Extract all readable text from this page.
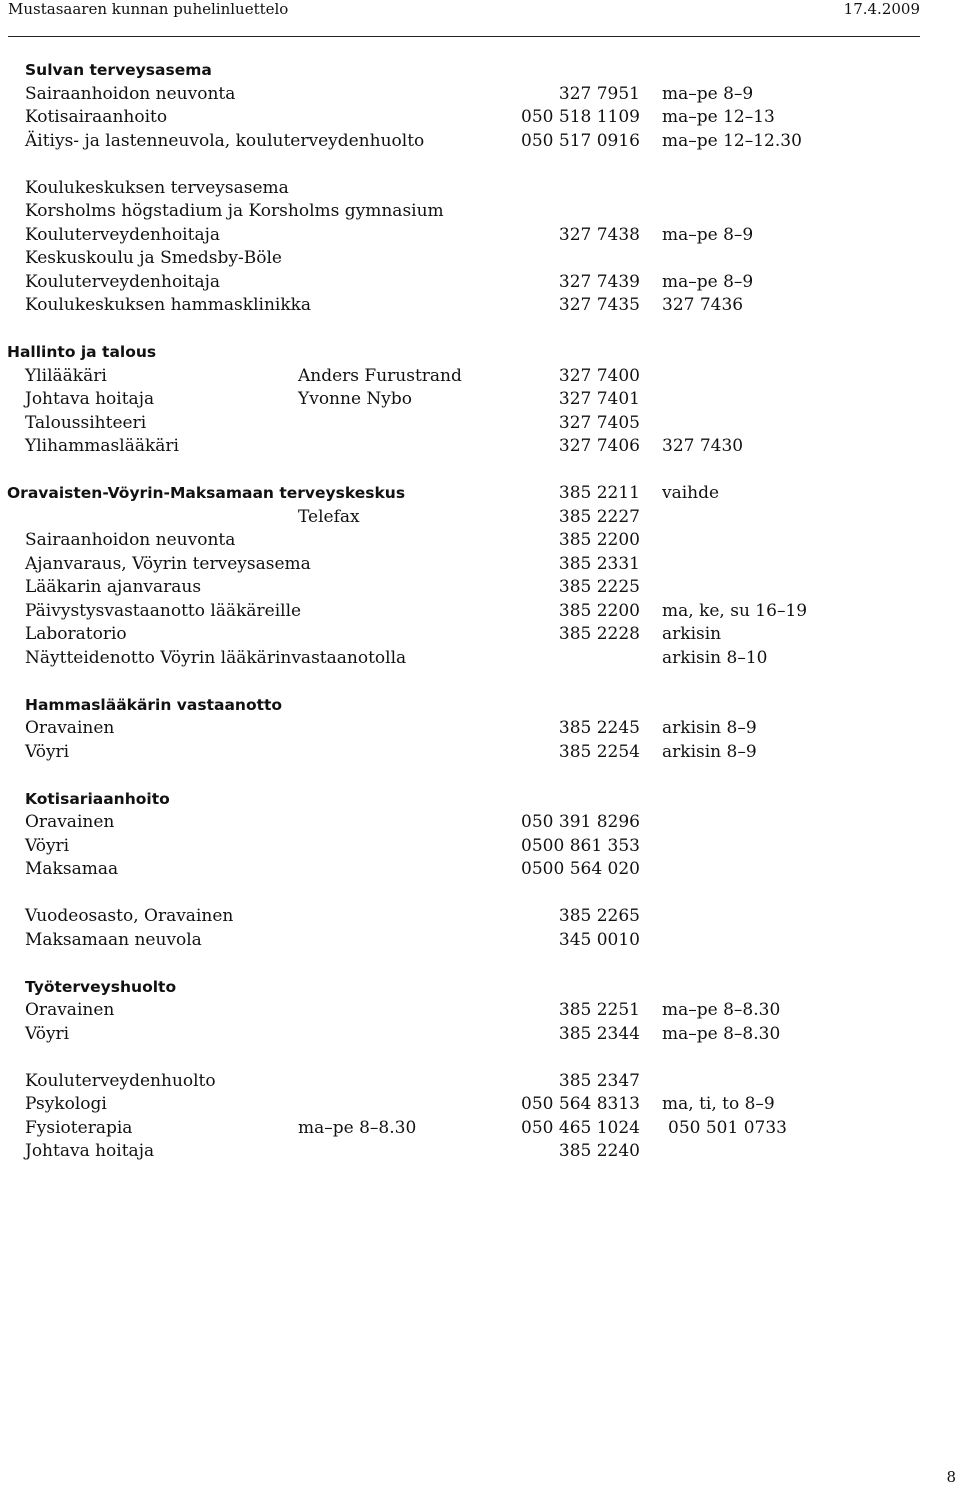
Mustasaaren kunnan puhelinluettelo	17.4.2009
Sulvan terveysasema
Sairaanhoidon neuvonta	327 7951 ma–pe 8–9
Kotisairaanhoito	050 518 1109 ma–pe 12–13
Äitiys- ja lastenneuvola, kouluterveydenhuolto	050 517 0916 ma–pe 12–12.30
Koulukeskuksen terveysasema
Korsholms högstadium ja Korsholms gymnasium
Kouluterveydenhoitaja	327 7438 ma–pe 8–9
Keskuskoulu ja Smedsby-Böle
Kouluterveydenhoitaja	327 7439 ma–pe 8–9
Koulukeskuksen hammasklinikka	327 7435 327 7436
Hallinto ja talous
Ylilääkäri	Anders Furustrand	327 7400
Johtava hoitaja	Yvonne Nybo	327 7401
Taloussihteeri	327 7405
Ylihammaslääkäri	327 7406 327 7430
Oravaisten-Vöyrin-Maksamaan terveyskeskus	385 2211 vaihde
Telefax	385 2227
Sairaanhoidon neuvonta	385 2200
Ajanvaraus, Vöyrin terveysasema	385 2331
Lääkarin ajanvaraus	385 2225
Päivystysvastaanotto lääkäreille	385 2200 ma, ke, su 16–19
Laboratorio	385 2228 arkisin
Näytteidenotto Vöyrin lääkärinvastaanotolla	arkisin 8–10
Hammaslääkärin vastaanotto
Oravainen	385 2245 arkisin 8–9
Vöyri	385 2254 arkisin 8–9
Kotisariaanhoito
Oravainen	050 391 8296
Vöyri	0500 861 353
Maksamaa	0500 564 020
Vuodeosasto, Oravainen	385 2265
Maksamaan neuvola	345 0010
Työterveyshuolto
Oravainen	385 2251 ma–pe 8–8.30
Vöyri	385 2344 ma–pe 8–8.30
Kouluterveydenhuolto	385 2347
Psykologi	050 564 8313 ma, ti, to 8–9
Fysioterapia	ma–pe 8–8.30	050 465 1024 050 501 0733
Johtava hoitaja	385 2240
8
